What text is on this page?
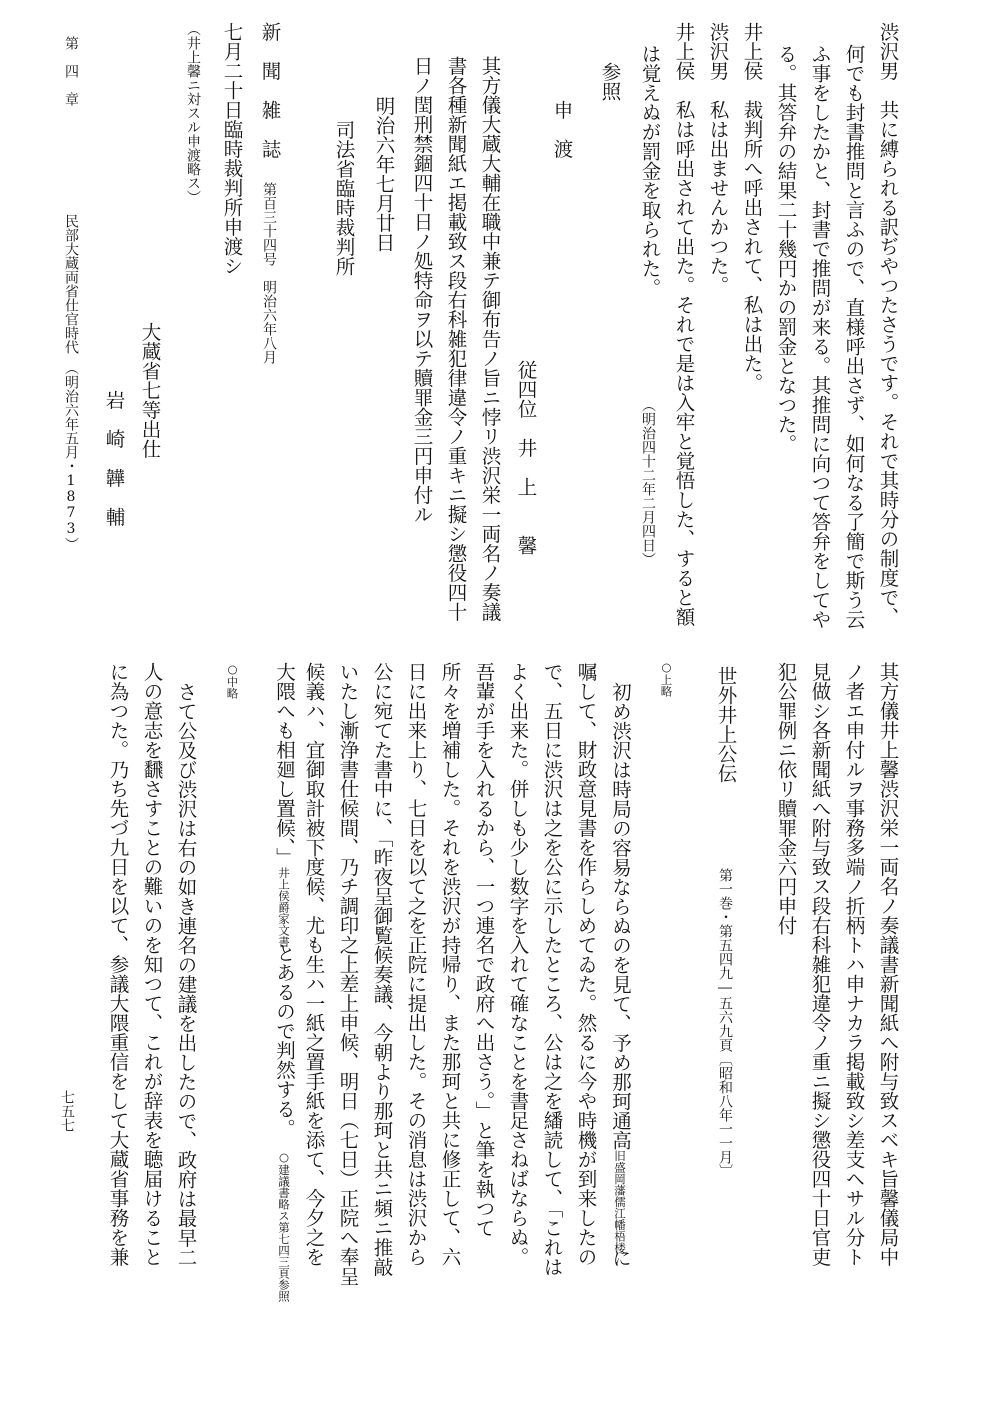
渋沢男　共に縛られる訳ぢやつたさうです。それで其時分の制度で、
何でも封書推問と言ふので、直様呼出さず、如何なる了簡で斯う云
ふ事をしたかと、封書で推問が来る。其推問に向つて答弁をしてや
る。其答弁の結果二十幾円かの罰金となつた。
井上侯　裁判所へ呼出されて、私は出た。
渋沢男　私は出ませんかつた。
井上侯　私は呼出されて出た。それで是は入牢と覚悟した、すると額
は覚えぬが罰金を取られた。
（明治四十二年二月四日）
参照
申　渡
従四位　井　上　　馨
其方儀大蔵大輔在職中兼テ御布告ノ旨ニ悖リ渋沢栄一両名ノ奏議
書各種新聞紙エ掲載致ス段右科雑犯律違令ノ重キニ擬シ懲役四十
日ノ閏刑禁錮四十日ノ処特命ヲ以テ贖罪金三円申付ル
明治六年七月廿日
司法省臨時裁判所
新　聞　雑　誌
第百三十四号　明治六年八月
七月二十日臨時裁判所申渡シ
（井上馨ニ対スル申渡略ス）
大蔵省七等出仕
岩　崎　韡　輔
第　四　章
民部大蔵両省仕官時代　（明治六年五月・1873）
其方儀井上馨渋沢栄一両名ノ奏議書新聞紙へ附与致スベキ旨馨儀局中
ノ者エ申付ルヲ事務多端ノ折柄トハ申ナカラ掲載致シ差支ヘサル分ト
見做シ各新聞紙へ附与致ス段右科雑犯違令ノ重ニ擬シ懲役四十日官吏
犯公罪例ニ依リ贖罪金六円申付
世外井上公伝
第一巻・第五四九―五六九頁〔昭和八年一一月〕
○上略
初め渋沢は時局の容易ならぬのを見て、予め那珂通高旧盛岡藩儒江幡梧楼に
嘱して、財政意見書を作らしめてゐた。然るに今や時機が到来したの
で、五日に渋沢は之を公に示したところ、公は之を繙読して、「これは
よく出来た。併しも少し数字を入れて確なことを書足さねばならぬ。
吾輩が手を入れるから、一つ連名で政府へ出さう。」と筆を執つて
所々を増補した。それを渋沢が持帰り、また那珂と共に修正して、六
日に出来上り、七日を以て之を正院に提出した。その消息は渋沢から
公に宛てた書中に、「昨夜呈御覧候奏議、今朝より那珂と共ニ頻ニ推敲
いたし漸浄書仕候間、乃チ調印之上差上申候、明日（七日）正院へ奉呈
候義ハ、宜御取計被下度候、尤も生ハ一紙之置手紙を添て、今夕之を
大隈へも相廻し置候、」井上侯爵家文書とあるので判然する。○建議書略ス第七四三頁参照
○中略
さて公及び渋沢は右の如き連名の建議を出したので、政府は最早二
人の意志を飜さすことの難いのを知つて、これが辞表を聴届けること
に為つた。乃ち先づ九日を以て、参議大隈重信をして大蔵省事務を兼
七五七
